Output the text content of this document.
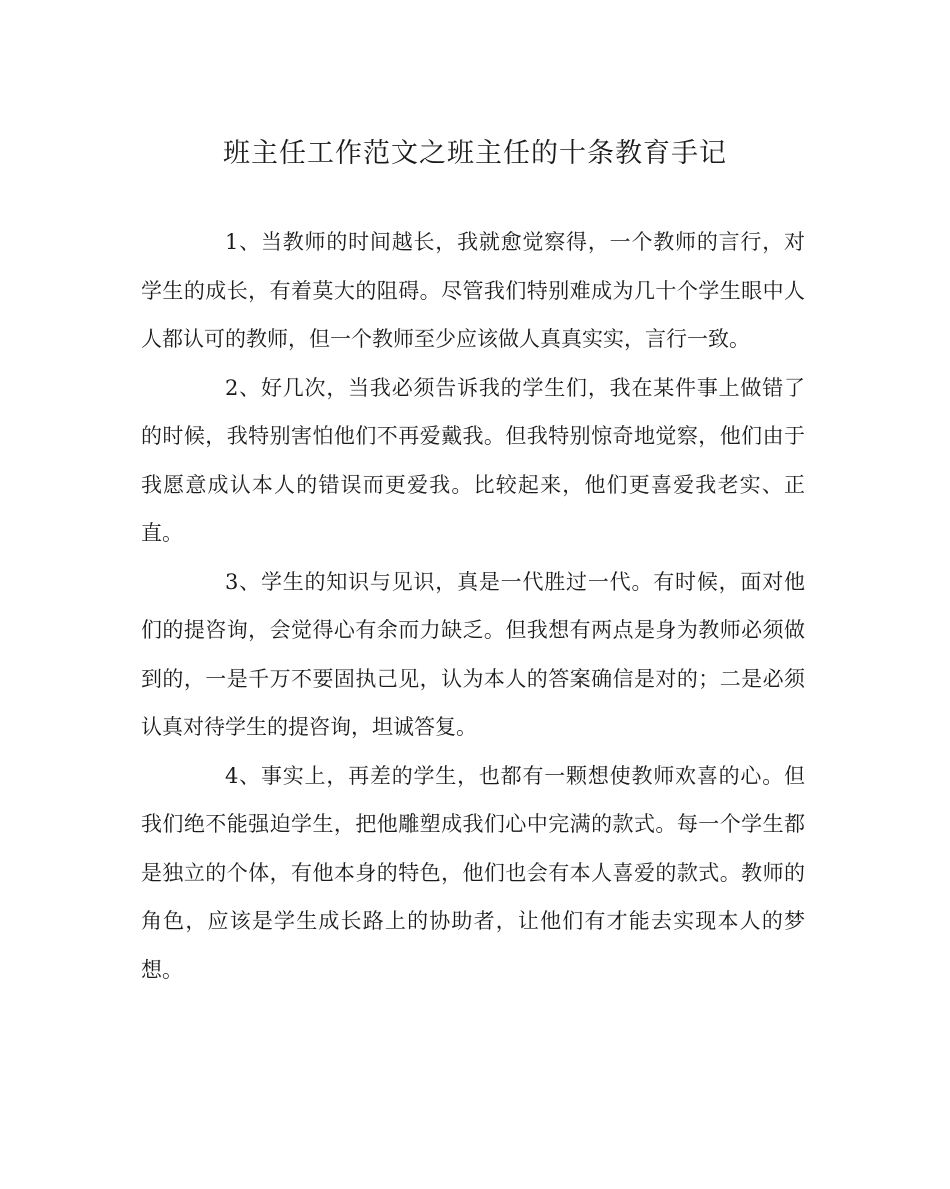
班主任工作范文之班主任的十条教育手记

1、当教师的时间越长，我就愈觉察得，一个教师的言行，对学生的成长，有着莫大的阻碍。尽管我们特别难成为几十个学生眼中人人都认可的教师，但一个教师至少应该做人真真实实，言行一致。

2、好几次，当我必须告诉我的学生们，我在某件事上做错了的时候，我特别害怕他们不再爱戴我。但我特别惊奇地觉察，他们由于我愿意成认本人的错误而更爱我。比较起来，他们更喜爱我老实、正直。

3、学生的知识与见识，真是一代胜过一代。有时候，面对他们的提咨询，会觉得心有余而力缺乏。但我想有两点是身为教师必须做到的，一是千万不要固执己见，认为本人的答案确信是对的；二是必须认真对待学生的提咨询，坦诚答复。

4、事实上，再差的学生，也都有一颗想使教师欢喜的心。但我们绝不能强迫学生，把他雕塑成我们心中完满的款式。每一个学生都是独立的个体，有他本身的特色，他们也会有本人喜爱的款式。教师的角色，应该是学生成长路上的协助者，让他们有才能去实现本人的梦想。
